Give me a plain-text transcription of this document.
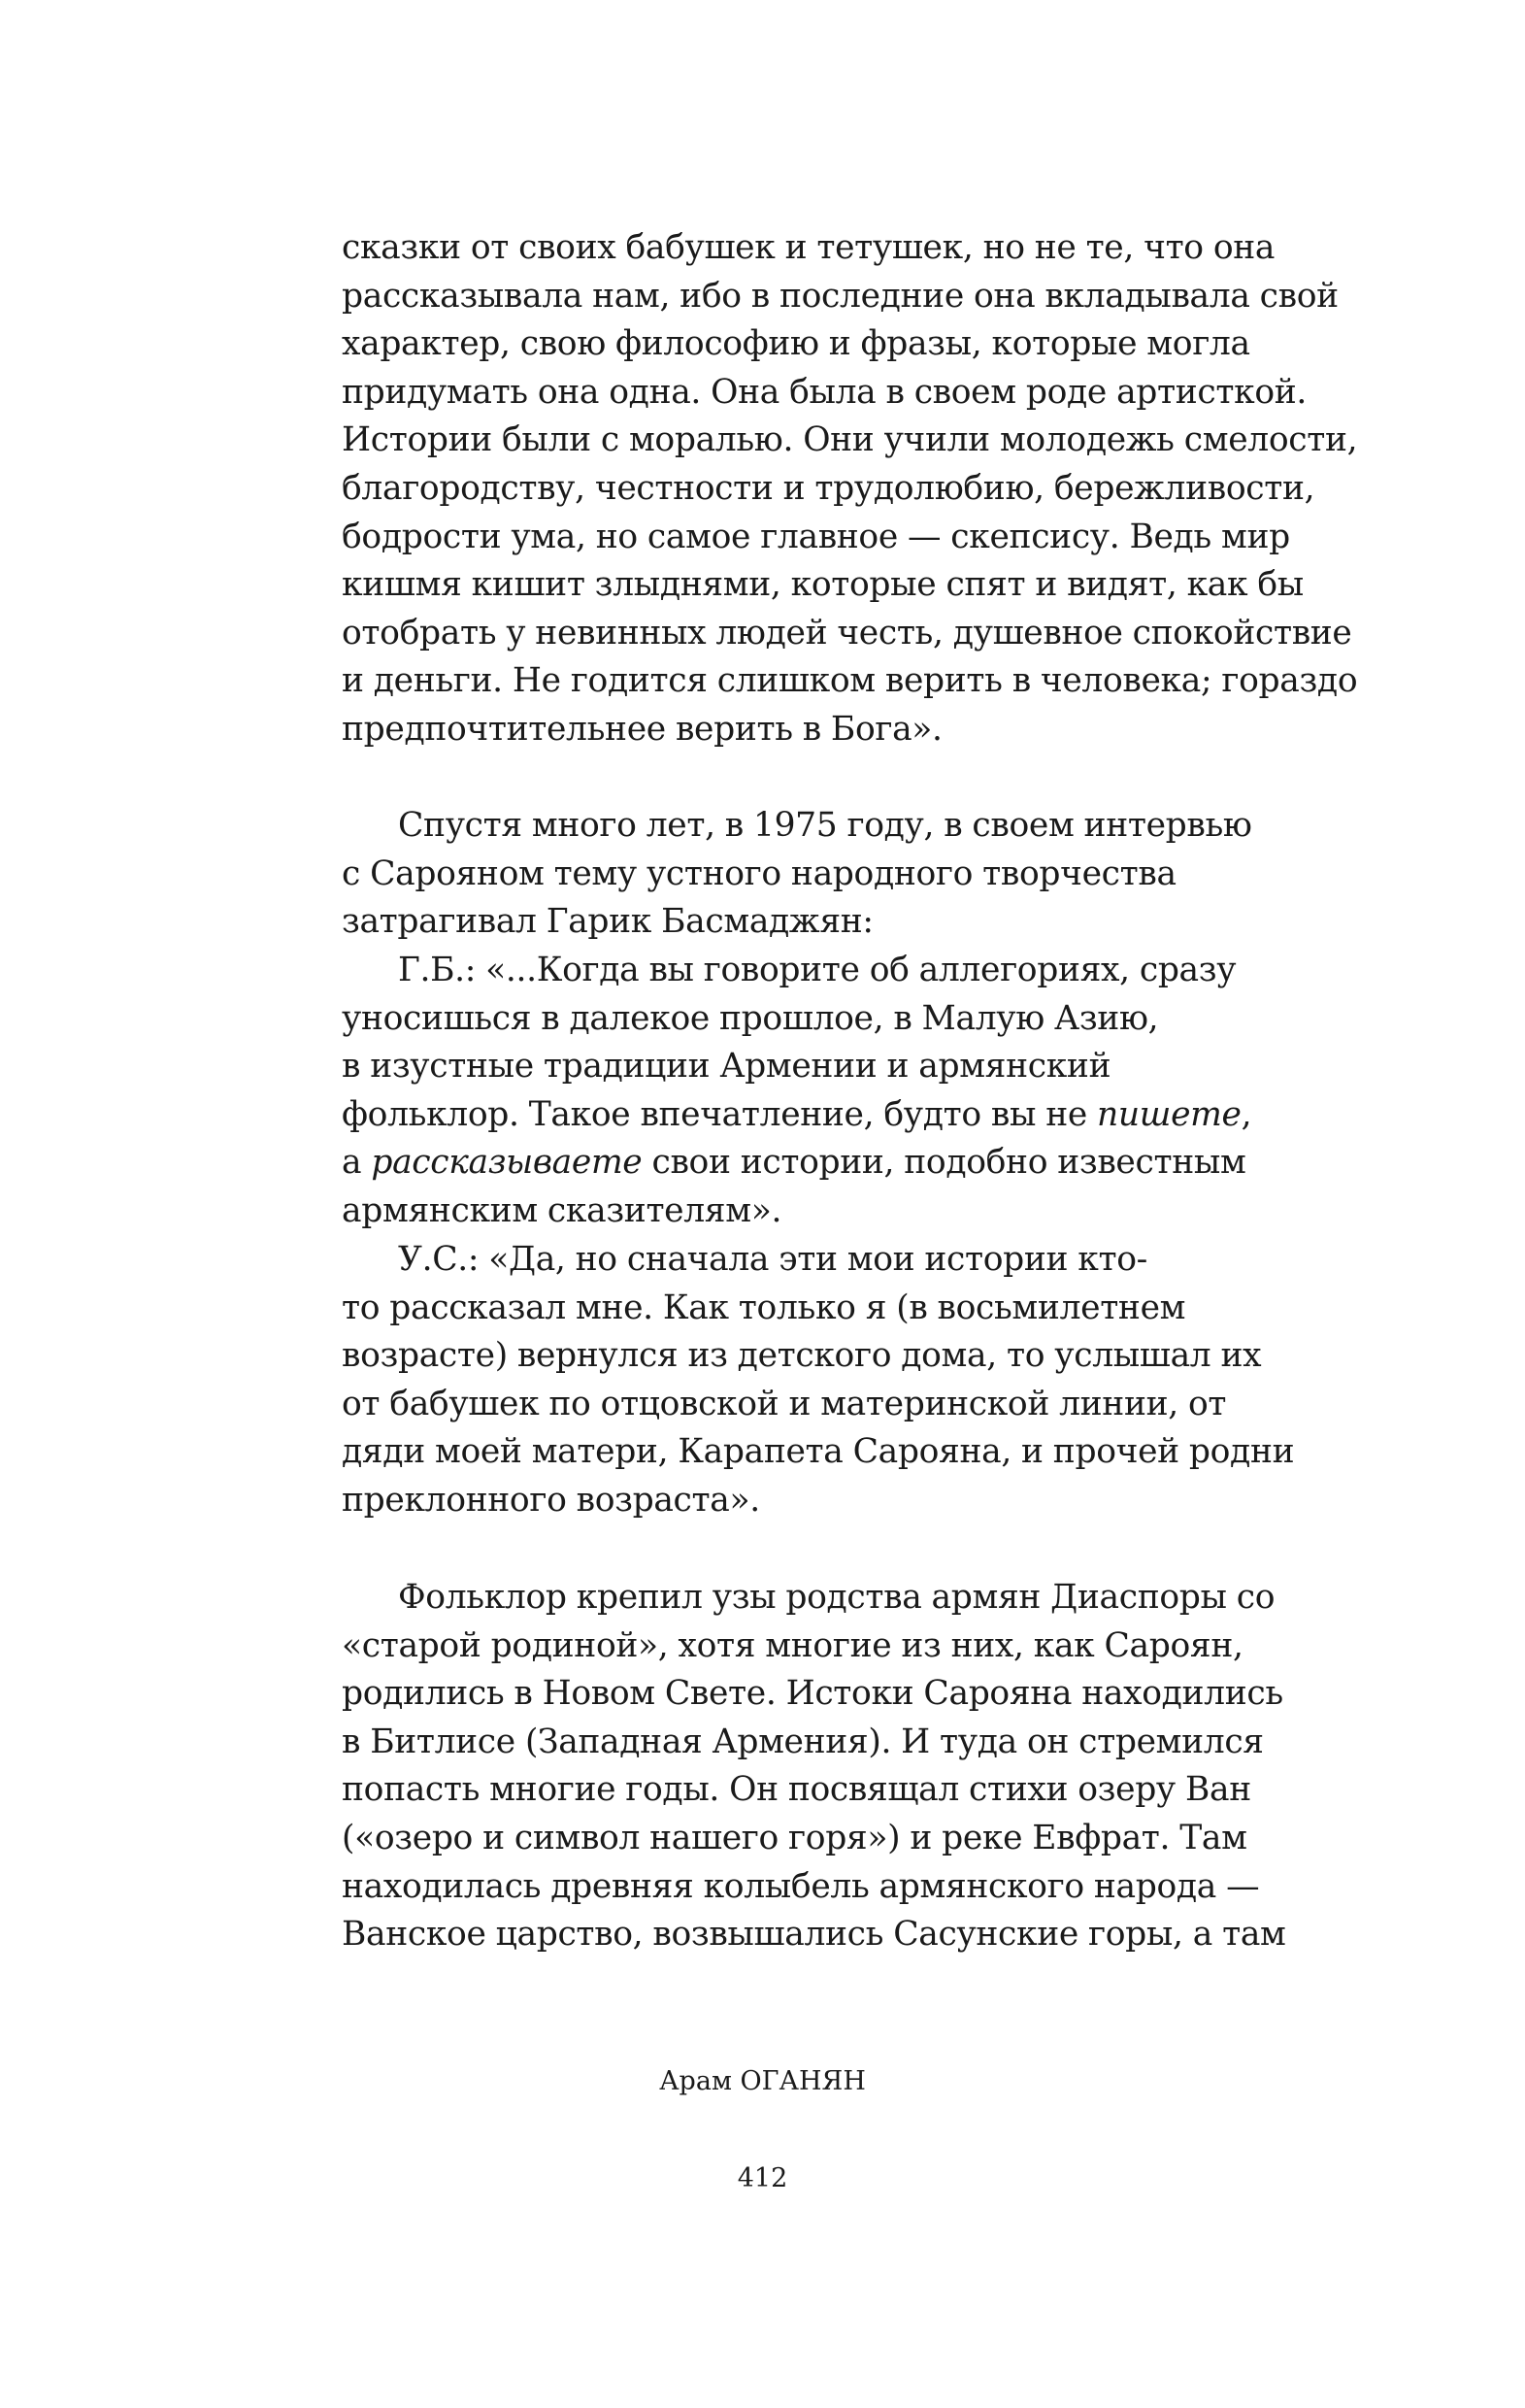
сказки от своих бабушек и тетушек, но не те, что она
рассказывала нам, ибо в последние она вкладывала свой
характер, свою философию и фразы, которые могла
придумать она одна. Она была в своем роде артисткой.
Истории были с моралью. Они учили молодежь смелости,
благородству, честности и трудолюбию, бережливости,
бодрости ума, но самое главное — скепсису. Ведь мир
кишмя кишит злыднями, которые спят и видят, как бы
отобрать у невинных людей честь, душевное спокойствие
и деньги. Не годится слишком верить в человека; гораздо
предпочтительнее верить в Бога».

Спустя много лет, в 1975 году, в своем интервью
с Сарояном тему устного народного творчества
затрагивал Гарик Басмаджян:

Г.Б.: «...Когда вы говорите об аллегориях, сразу
уносишься в далекое прошлое, в Малую Азию,
в изустные традиции Армении и армянский
фольклор. Такое впечатление, будто вы не пишете,
а рассказываете свои истории, подобно известным
армянским сказителям».

У.С.: «Да, но сначала эти мои истории кто-
то рассказал мне. Как только я (в восьмилетнем
возрасте) вернулся из детского дома, то услышал их
от бабушек по отцовской и материнской линии, от
дяди моей матери, Карапета Сарояна, и прочей родни
преклонного возраста».

Фольклор крепил узы родства армян Диаспоры со
«старой родиной», хотя многие из них, как Сароян,
родились в Новом Свете. Истоки Сарояна находились
в Битлисе (Западная Армения). И туда он стремился
попасть многие годы. Он посвящал стихи озеру Ван
(«озеро и символ нашего горя») и реке Евфрат. Там
находилась древняя колыбель армянского народа —
Ванское царство, возвышались Сасунские горы, а там

Арам ОГАНЯН
412
